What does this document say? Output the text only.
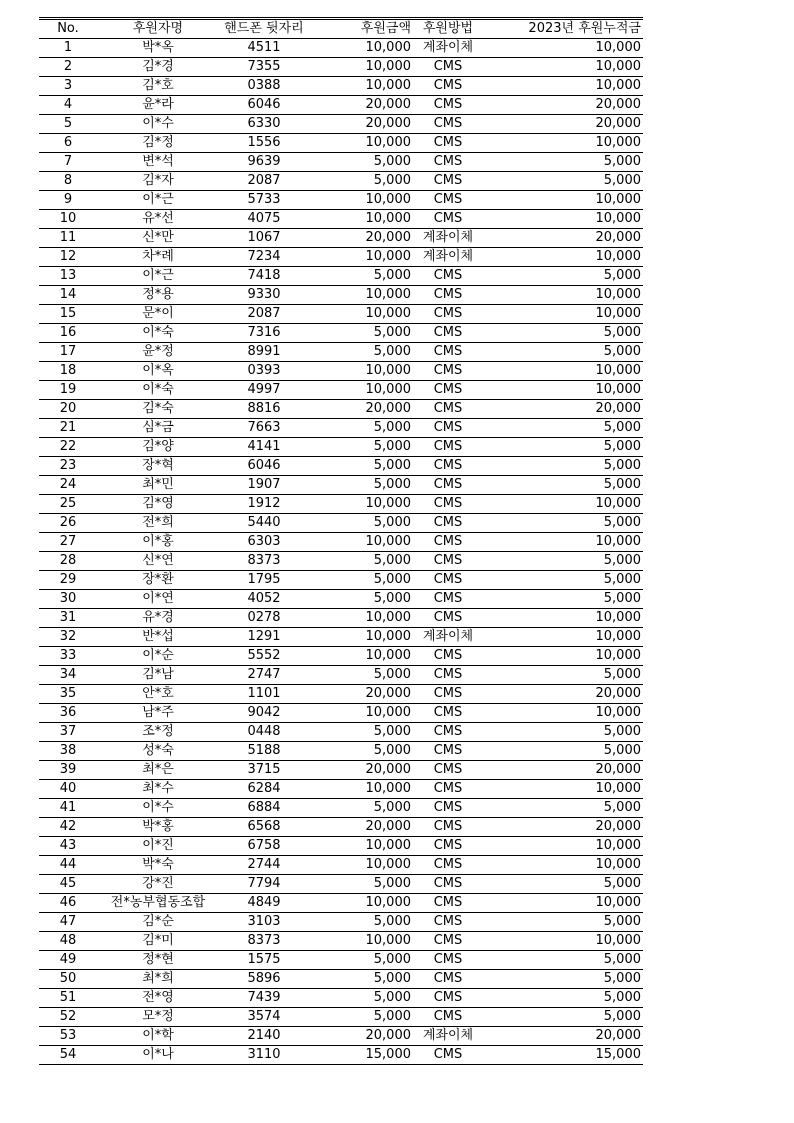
No.	후원자명	핸드폰 뒷자리	후원금액	후원방법	2023년 후원누적금
1	박*옥	4511	10,000	계좌이체	10,000
2	김*경	7355	10,000	CMS	10,000
3	김*호	0388	10,000	CMS	10,000
4	윤*라	6046	20,000	CMS	20,000
5	이*수	6330	20,000	CMS	20,000
6	김*정	1556	10,000	CMS	10,000
7	변*석	9639	5,000	CMS	5,000
8	김*자	2087	5,000	CMS	5,000
9	이*근	5733	10,000	CMS	10,000
10	유*선	4075	10,000	CMS	10,000
11	신*만	1067	20,000	계좌이체	20,000
12	차*례	7234	10,000	계좌이체	10,000
13	이*근	7418	5,000	CMS	5,000
14	정*용	9330	10,000	CMS	10,000
15	문*이	2087	10,000	CMS	10,000
16	이*숙	7316	5,000	CMS	5,000
17	윤*정	8991	5,000	CMS	5,000
18	이*옥	0393	10,000	CMS	10,000
19	이*숙	4997	10,000	CMS	10,000
20	김*숙	8816	20,000	CMS	20,000
21	심*금	7663	5,000	CMS	5,000
22	김*양	4141	5,000	CMS	5,000
23	장*혁	6046	5,000	CMS	5,000
24	최*민	1907	5,000	CMS	5,000
25	김*영	1912	10,000	CMS	10,000
26	전*희	5440	5,000	CMS	5,000
27	이*홍	6303	10,000	CMS	10,000
28	신*연	8373	5,000	CMS	5,000
29	장*환	1795	5,000	CMS	5,000
30	이*연	4052	5,000	CMS	5,000
31	유*경	0278	10,000	CMS	10,000
32	반*섭	1291	10,000	계좌이체	10,000
33	이*순	5552	10,000	CMS	10,000
34	김*남	2747	5,000	CMS	5,000
35	안*호	1101	20,000	CMS	20,000
36	남*주	9042	10,000	CMS	10,000
37	조*정	0448	5,000	CMS	5,000
38	성*숙	5188	5,000	CMS	5,000
39	최*은	3715	20,000	CMS	20,000
40	최*수	6284	10,000	CMS	10,000
41	이*수	6884	5,000	CMS	5,000
42	박*홍	6568	20,000	CMS	20,000
43	이*진	6758	10,000	CMS	10,000
44	박*숙	2744	10,000	CMS	10,000
45	강*진	7794	5,000	CMS	5,000
46	전*농부협동조합	4849	10,000	CMS	10,000
47	김*순	3103	5,000	CMS	5,000
48	김*미	8373	10,000	CMS	10,000
49	정*현	1575	5,000	CMS	5,000
50	최*희	5896	5,000	CMS	5,000
51	전*영	7439	5,000	CMS	5,000
52	모*정	3574	5,000	CMS	5,000
53	이*학	2140	20,000	계좌이체	20,000
54	이*나	3110	15,000	CMS	15,000
